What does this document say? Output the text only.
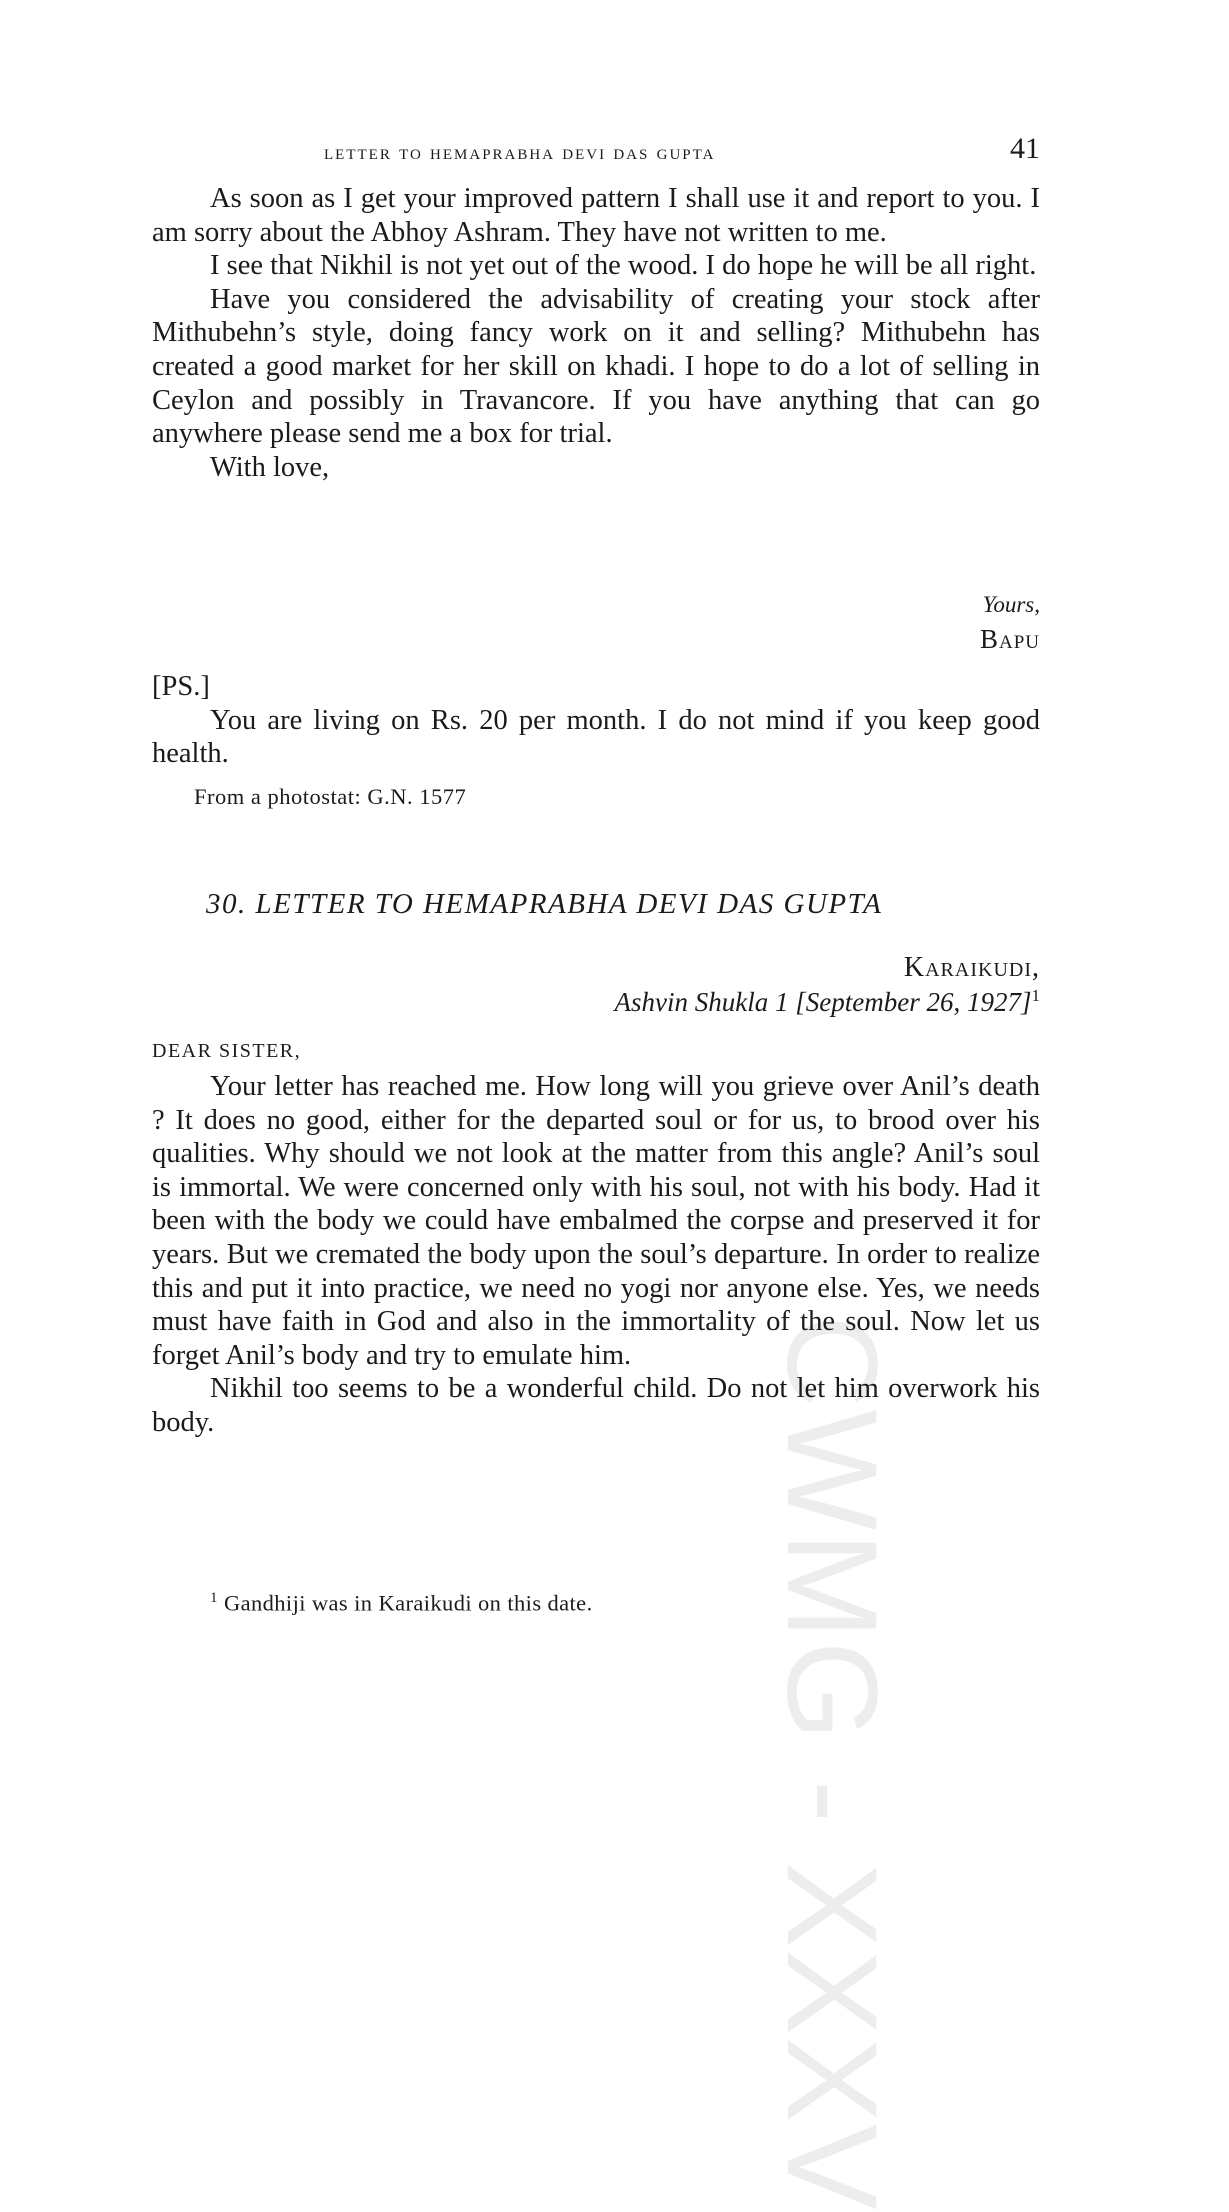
CWMG - XXXV
letter to hemaprabha devi das gupta	41

As soon as I get your improved pattern I shall use it and report to you. I am sorry about the Abhoy Ashram. They have not written to me.

I see that Nikhil is not yet out of the wood. I do hope he will be all right.

Have you considered the advisability of creating your stock after Mithubehn’s style, doing fancy work on it and selling? Mithubehn has created a good market for her skill on khadi. I hope to do a lot of selling in Ceylon and possibly in Travancore. If you have anything that can go anywhere please send me a box for trial.

With love,

Yours,
Bapu

[PS.]

You are living on Rs. 20 per month. I do not mind if you keep good health.

From a photostat: G.N. 1577
30. LETTER TO HEMAPRABHA DEVI DAS GUPTA
Karaikudi,
Ashvin Shukla 1 [September 26, 1927]$^1$
DEAR SISTER,

Your letter has reached me. How long will you grieve over Anil’s death ? It does no good, either for the departed soul or for us, to brood over his qualities. Why should we not look at the matter from this angle? Anil’s soul is immortal. We were concerned only with his soul, not with his body. Had it been with the body we could have embalmed the corpse and preserved it for years. But we cremated the body upon the soul’s departure. In order to realize this and put it into practice, we need no yogi nor anyone else. Yes, we needs must have faith in God and also in the immortality of the soul. Now let us forget Anil’s body and try to emulate him.

Nikhil too seems to be a wonderful child. Do not let him overwork his body.

$^1$ Gandhiji was in Karaikudi on this date.
